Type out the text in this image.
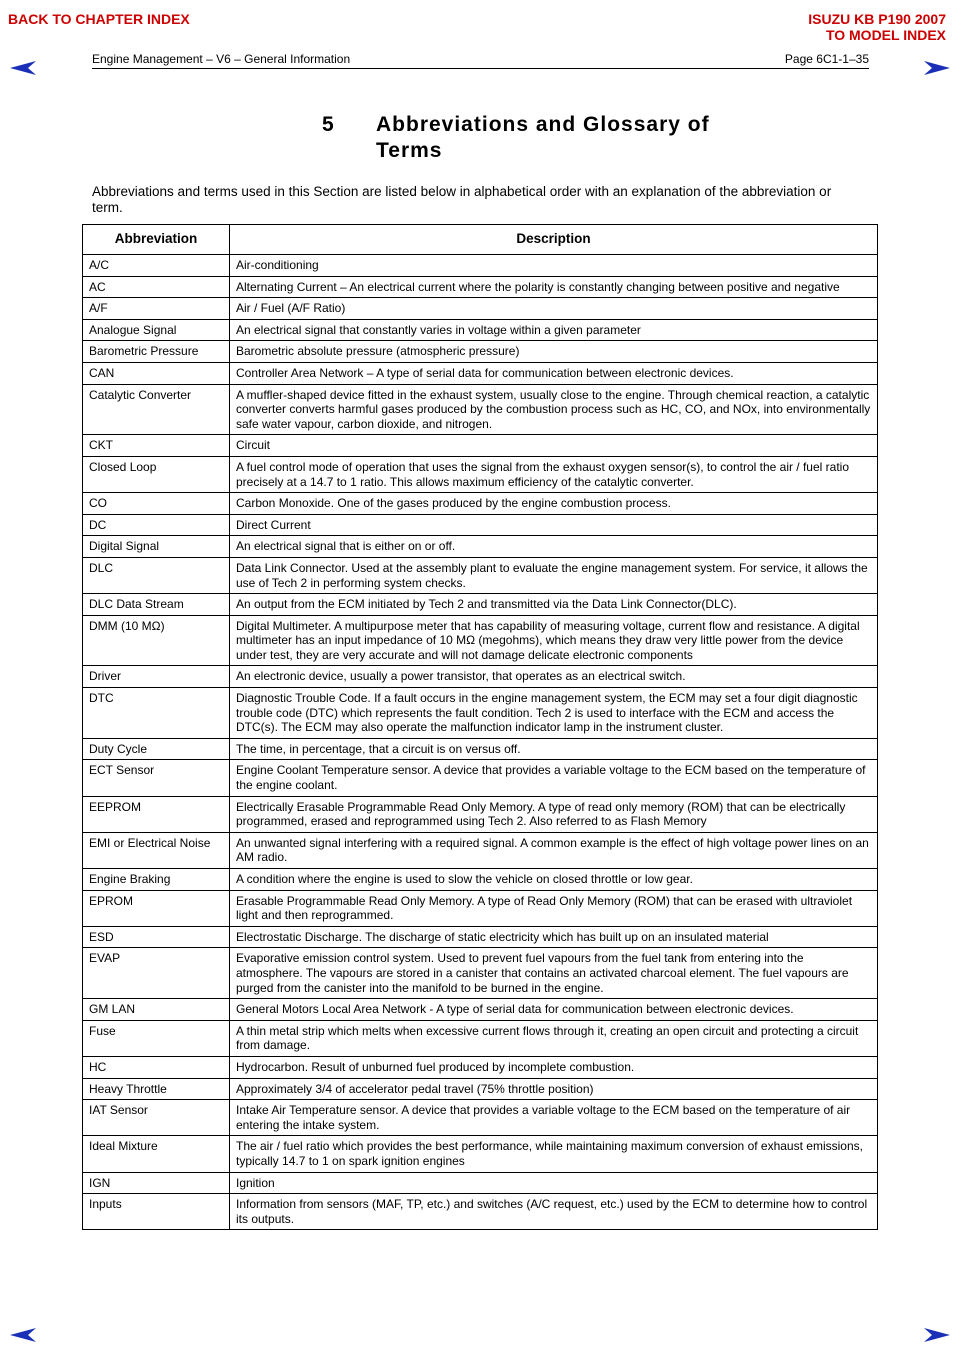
BACK TO CHAPTER INDEX	ISUZU KB P190 2007
TO MODEL INDEX
Engine Management – V6 – General Information	Page 6C1-1–35
5 Abbreviations and Glossary of Terms
Abbreviations and terms used in this Section are listed below in alphabetical order with an explanation of the abbreviation or term.
Abbreviation	Description
A/C	Air-conditioning
AC	Alternating Current – An electrical current where the polarity is constantly changing between positive and negative
A/F	Air / Fuel (A/F Ratio)
Analogue Signal	An electrical signal that constantly varies in voltage within a given parameter
Barometric Pressure	Barometric absolute pressure (atmospheric pressure)
CAN	Controller Area Network – A type of serial data for communication between electronic devices.
Catalytic Converter	A muffler-shaped device fitted in the exhaust system, usually close to the engine. Through chemical reaction, a catalytic converter converts harmful gases produced by the combustion process such as HC, CO, and NOx, into environmentally safe water vapour, carbon dioxide, and nitrogen.
CKT	Circuit
Closed Loop	A fuel control mode of operation that uses the signal from the exhaust oxygen sensor(s), to control the air / fuel ratio precisely at a 14.7 to 1 ratio. This allows maximum efficiency of the catalytic converter.
CO	Carbon Monoxide. One of the gases produced by the engine combustion process.
DC	Direct Current
Digital Signal	An electrical signal that is either on or off.
DLC	Data Link Connector. Used at the assembly plant to evaluate the engine management system. For service, it allows the use of Tech 2 in performing system checks.
DLC Data Stream	An output from the ECM initiated by Tech 2 and transmitted via the Data Link Connector(DLC).
DMM (10 MΩ)	Digital Multimeter. A multipurpose meter that has capability of measuring voltage, current flow and resistance. A digital multimeter has an input impedance of 10 MΩ (megohms), which means they draw very little power from the device under test, they are very accurate and will not damage delicate electronic components
Driver	An electronic device, usually a power transistor, that operates as an electrical switch.
DTC	Diagnostic Trouble Code. If a fault occurs in the engine management system, the ECM may set a four digit diagnostic trouble code (DTC) which represents the fault condition. Tech 2 is used to interface with the ECM and access the DTC(s). The ECM may also operate the malfunction indicator lamp in the instrument cluster.
Duty Cycle	The time, in percentage, that a circuit is on versus off.
ECT Sensor	Engine Coolant Temperature sensor. A device that provides a variable voltage to the ECM based on the temperature of the engine coolant.
EEPROM	Electrically Erasable Programmable Read Only Memory. A type of read only memory (ROM) that can be electrically programmed, erased and reprogrammed using Tech 2. Also referred to as Flash Memory
EMI or Electrical Noise	An unwanted signal interfering with a required signal. A common example is the effect of high voltage power lines on an AM radio.
Engine Braking	A condition where the engine is used to slow the vehicle on closed throttle or low gear.
EPROM	Erasable Programmable Read Only Memory. A type of Read Only Memory (ROM) that can be erased with ultraviolet light and then reprogrammed.
ESD	Electrostatic Discharge. The discharge of static electricity which has built up on an insulated material
EVAP	Evaporative emission control system. Used to prevent fuel vapours from the fuel tank from entering into the atmosphere. The vapours are stored in a canister that contains an activated charcoal element. The fuel vapours are purged from the canister into the manifold to be burned in the engine.
GM LAN	General Motors Local Area Network - A type of serial data for communication between electronic devices.
Fuse	A thin metal strip which melts when excessive current flows through it, creating an open circuit and protecting a circuit from damage.
HC	Hydrocarbon. Result of unburned fuel produced by incomplete combustion.
Heavy Throttle	Approximately 3/4 of accelerator pedal travel (75% throttle position)
IAT Sensor	Intake Air Temperature sensor. A device that provides a variable voltage to the ECM based on the temperature of air entering the intake system.
Ideal Mixture	The air / fuel ratio which provides the best performance, while maintaining maximum conversion of exhaust emissions, typically 14.7 to 1 on spark ignition engines
IGN	Ignition
Inputs	Information from sensors (MAF, TP, etc.) and switches (A/C request, etc.) used by the ECM to determine how to control its outputs.
